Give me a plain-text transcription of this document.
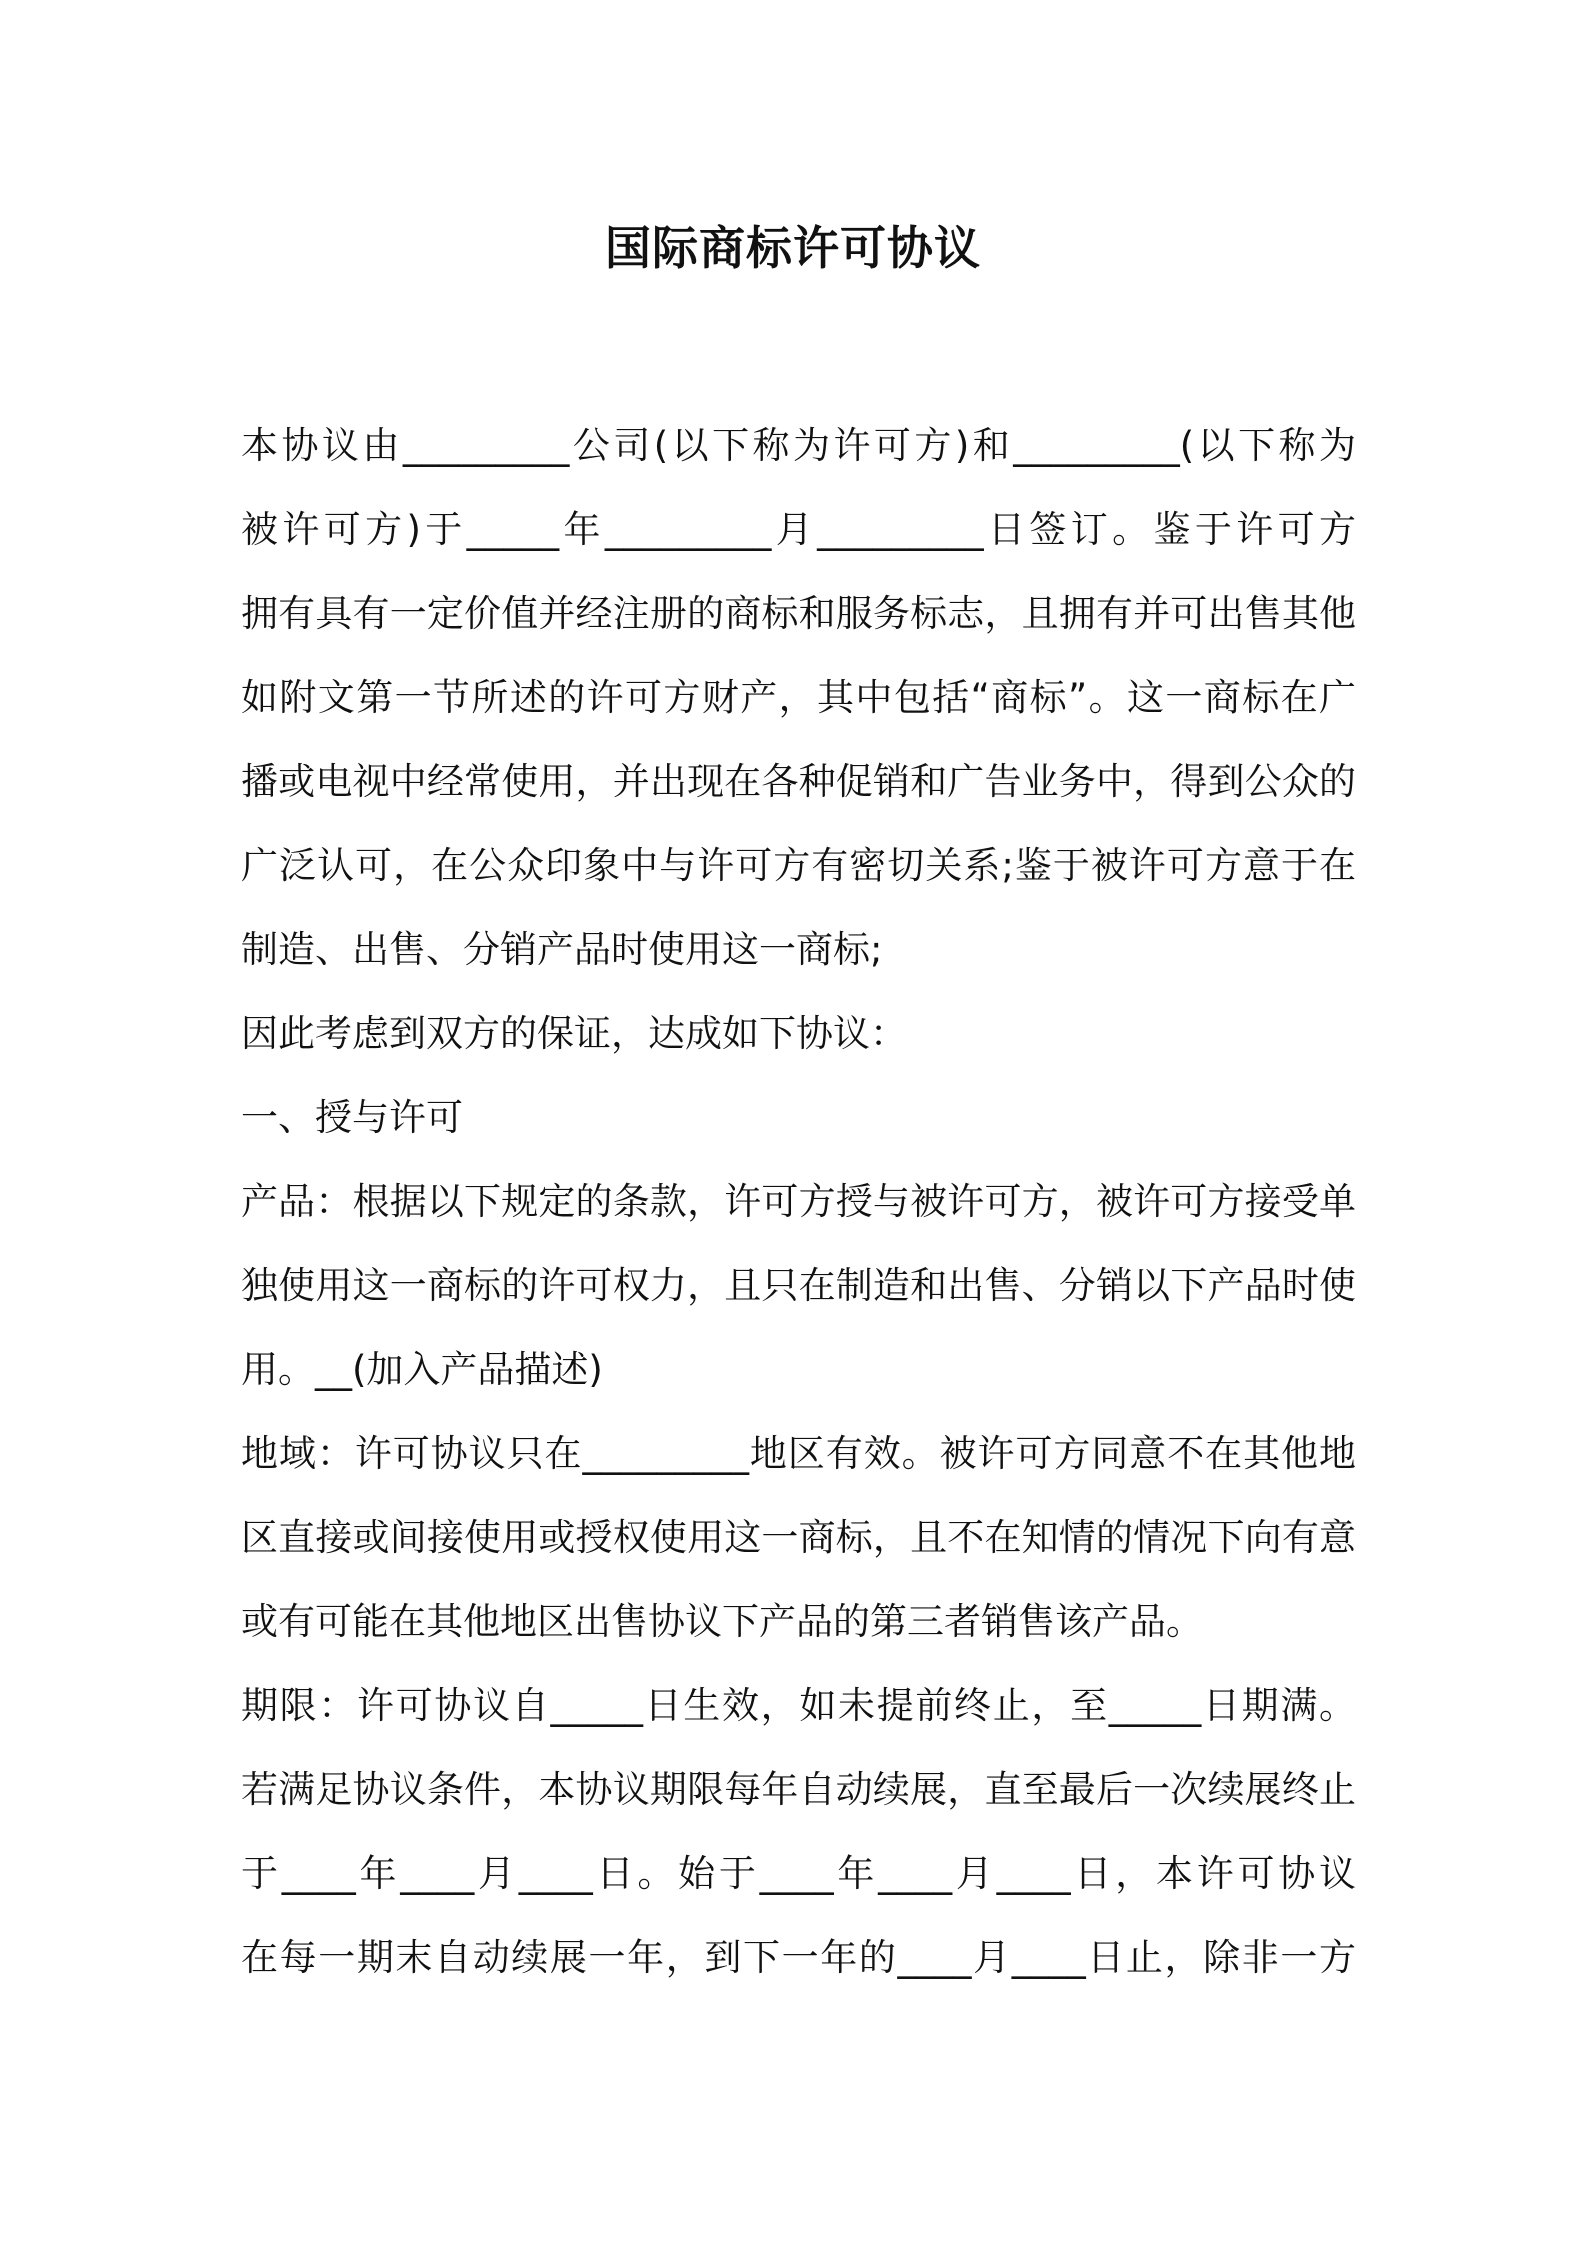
国际商标许可协议
本协议由_________公司(以下称为许可方)和_________(以下称为
被许可方)于_____年_________月_________日签订。鉴于许可方
拥有具有一定价值并经注册的商标和服务标志，且拥有并可出售其他
如附文第一节所述的许可方财产，其中包括“商标”。这一商标在广
播或电视中经常使用，并出现在各种促销和广告业务中，得到公众的
广泛认可，在公众印象中与许可方有密切关系;鉴于被许可方意于在
制造、出售、分销产品时使用这一商标;
因此考虑到双方的保证，达成如下协议：
一、授与许可
产品：根据以下规定的条款，许可方授与被许可方，被许可方接受单
独使用这一商标的许可权力，且只在制造和出售、分销以下产品时使
用。__(加入产品描述)
地域：许可协议只在_________地区有效。被许可方同意不在其他地
区直接或间接使用或授权使用这一商标，且不在知情的情况下向有意
或有可能在其他地区出售协议下产品的第三者销售该产品。
期限：许可协议自_____日生效，如未提前终止，至_____日期满。
若满足协议条件，本协议期限每年自动续展，直至最后一次续展终止
于____年____月____日。始于____年____月____日，本许可协议
在每一期末自动续展一年，到下一年的____月____日止，除非一方
